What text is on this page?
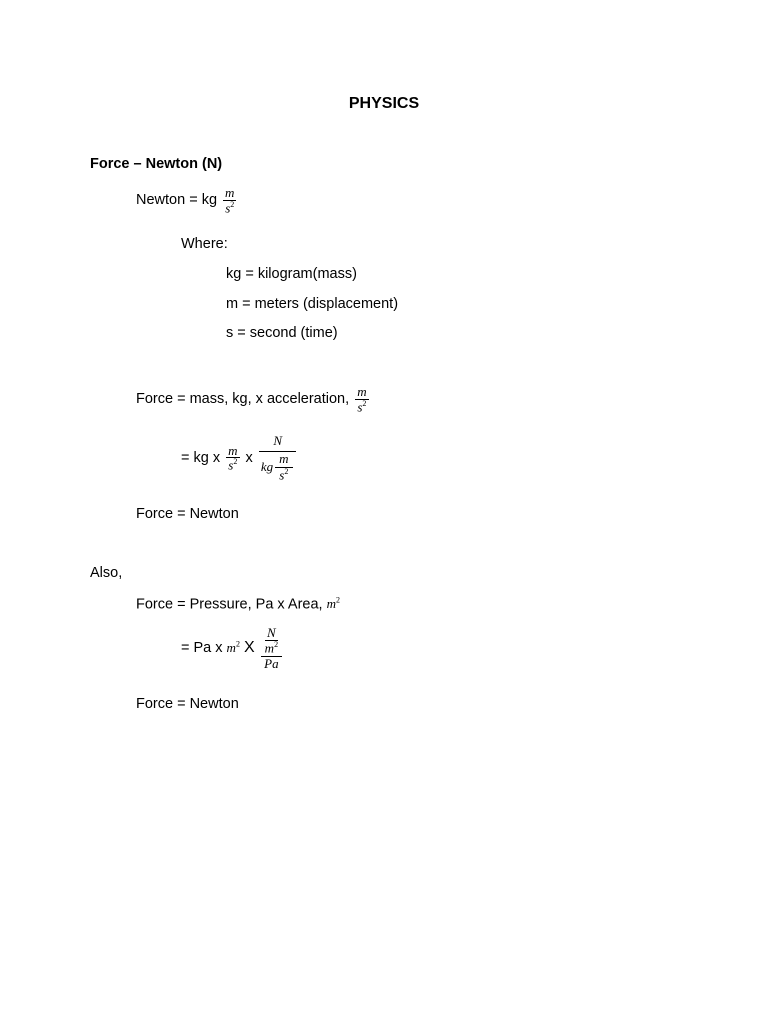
PHYSICS
Force – Newton (N)
Newton = kg $\frac{m}{s^2}$
Where:
kg = kilogram(mass)
m = meters (displacement)
s = second (time)
Force = mass, kg, x acceleration, $\frac{m}{s^2}$
= kg x $\frac{m}{s^2}$ x $\frac{N}{kg \frac{m}{s^2}}$
Force = Newton
Also,
Force = Pressure, Pa x Area, $m^2$
= Pa x $m^2$ X $\frac{\frac{N}{m^2}}{Pa}$
Force = Newton
